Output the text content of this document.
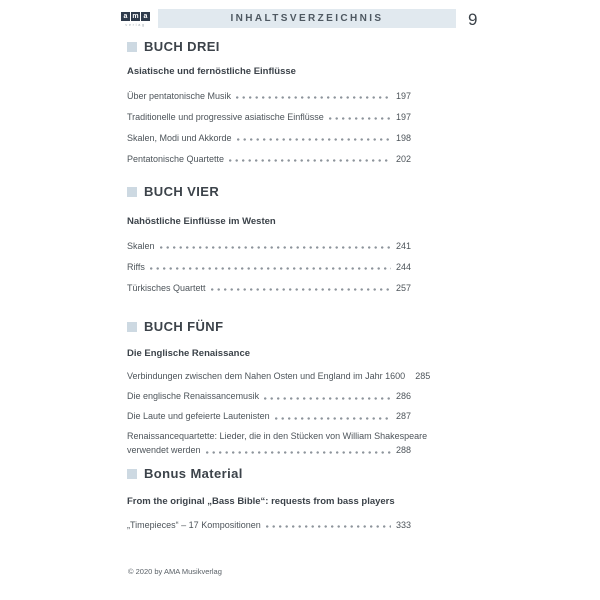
a m a
verlag
INHALTSVERZEICHNIS	9
BUCH DREI
Asiatische und fernöstliche Einflüsse
Über pentatonische Musik	197
Traditionelle und progressive asiatische Einflüsse	197
Skalen, Modi und Akkorde	198
Pentatonische Quartette	202
BUCH VIER
Nahöstliche Einflüsse im Westen
Skalen	241
Riffs	244
Türkisches Quartett	257
BUCH FÜNF
Die Englische Renaissance
Verbindungen zwischen dem Nahen Osten und England im Jahr 1600 285
Die englische Renaissancemusik	286
Die Laute und gefeierte Lautenisten	287
Renaissancequartette: Lieder, die in den Stücken von William Shakespeare
verwendet werden	288
Bonus Material
From the original „Bass Bible“: requests from bass players
„Timepieces“ – 17 Kompositionen	333
© 2020 by AMA Musikverlag
